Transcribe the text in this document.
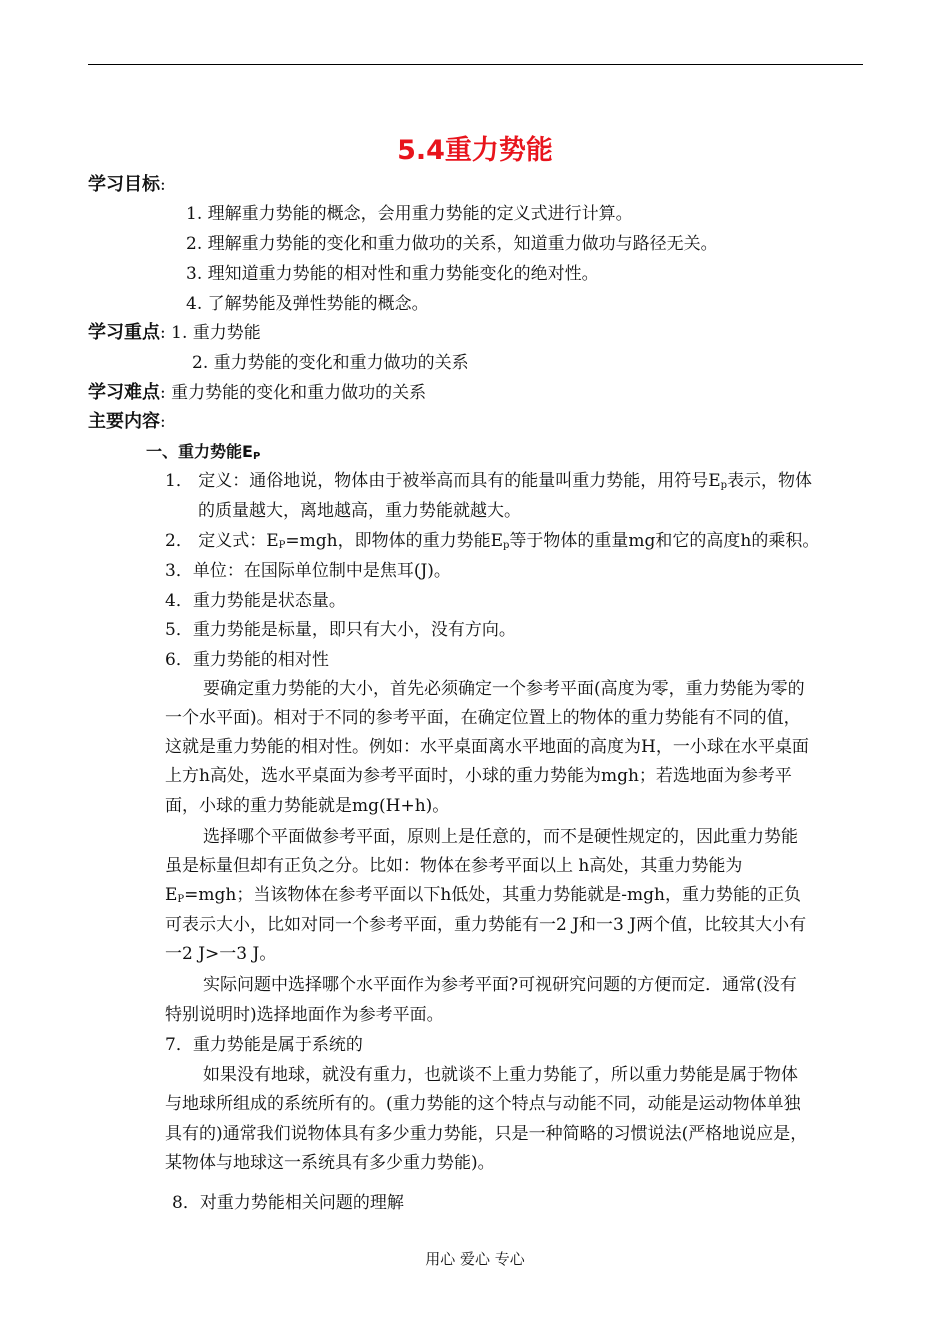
5.4重力势能
学习目标:
1. 理解重力势能的概念，会用重力势能的定义式进行计算。
2. 理解重力势能的变化和重力做功的关系，知道重力做功与路径无关。
3. 理知道重力势能的相对性和重力势能变化的绝对性。
4. 了解势能及弹性势能的概念。
学习重点: 1. 重力势能
2. 重力势能的变化和重力做功的关系
学习难点: 重力势能的变化和重力做功的关系
主要内容:
一、重力势能$E_P$
1． 定义：通俗地说，物体由于被举高而具有的能量叫重力势能，用符号$E_p$表示，物体
的质量越大，离地越高，重力势能就越大。
2． 定义式：$E_P=mgh$，即物体的重力势能$E_p$等于物体的重量mg和它的高度h的乘积。
3．单位：在国际单位制中是焦耳(J)。
4．重力势能是状态量。
5．重力势能是标量，即只有大小，没有方向。
6．重力势能的相对性
要确定重力势能的大小，首先必须确定一个参考平面(高度为零，重力势能为零的
一个水平面)。相对于不同的参考平面，在确定位置上的物体的重力势能有不同的值，
这就是重力势能的相对性。例如：水平桌面离水平地面的高度为H，一小球在水平桌面
上方h高处，选水平桌面为参考平面时，小球的重力势能为mgh；若选地面为参考平
面，小球的重力势能就是mg(H+h)。
选择哪个平面做参考平面，原则上是任意的，而不是硬性规定的，因此重力势能
虽是标量但却有正负之分。比如：物体在参考平面以上 h高处，其重力势能为
$E_P=mgh$；当该物体在参考平面以下h低处，其重力势能就是-mgh，重力势能的正负
可表示大小，比如对同一个参考平面，重力势能有一2 J和一3 J两个值，比较其大小有
一2 J>一3 J。
实际问题中选择哪个水平面作为参考平面?可视研究问题的方便而定．通常(没有
特别说明时)选择地面作为参考平面。
7．重力势能是属于系统的
如果没有地球，就没有重力，也就谈不上重力势能了，所以重力势能是属于物体
与地球所组成的系统所有的。(重力势能的这个特点与动能不同，动能是运动物体单独
具有的)通常我们说物体具有多少重力势能，只是一种简略的习惯说法(严格地说应是，
某物体与地球这一系统具有多少重力势能)。
8．对重力势能相关问题的理解
用心 爱心 专心
